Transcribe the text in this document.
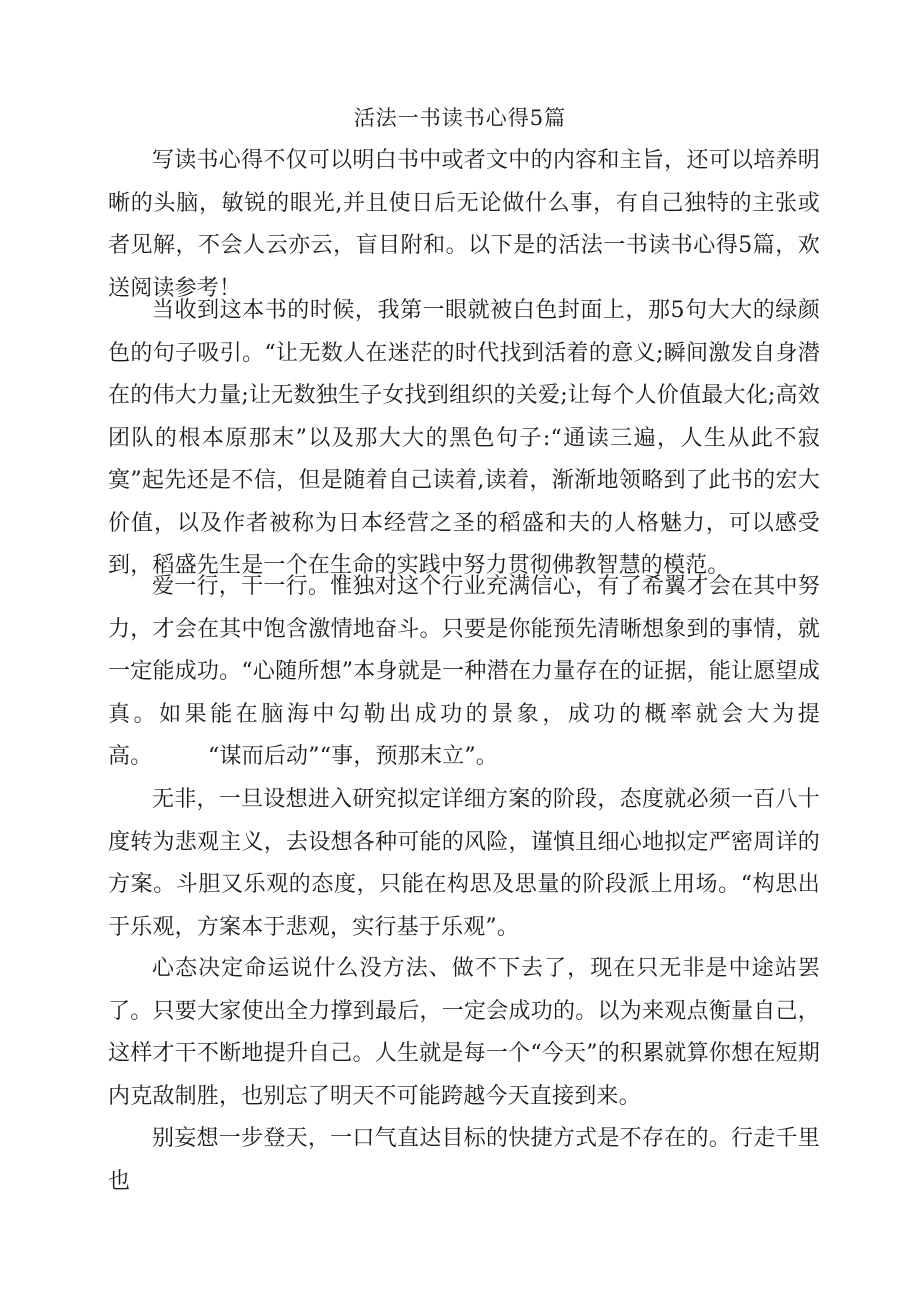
活法一书读书心得5篇

写读书心得不仅可以明白书中或者文中的内容和主旨，还可以培养明晰的头脑，敏锐的眼光,并且使日后无论做什么事，有自己独特的主张或者见解，不会人云亦云，盲目附和。以下是的活法一书读书心得5篇，欢送阅读参考！

当收到这本书的时候，我第一眼就被白色封面上，那5句大大的绿颜色的句子吸引。“让无数人在迷茫的时代找到活着的意义;瞬间激发自身潜在的伟大力量;让无数独生子女找到组织的关爱;让每个人价值最大化;高效团队的根本原那末”以及那大大的黑色句子:“通读三遍，人生从此不寂寞”起先还是不信，但是随着自己读着,读着，渐渐地领略到了此书的宏大价值，以及作者被称为日本经营之圣的稻盛和夫的人格魅力，可以感受到，稻盛先生是一个在生命的实践中努力贯彻佛教智慧的模范。

爱一行，干一行。惟独对这个行业充满信心，有了希翼才会在其中努力，才会在其中饱含激情地奋斗。只要是你能预先清晰想象到的事情，就一定能成功。“心随所想”本身就是一种潜在力量存在的证据，能让愿望成真。如果能在脑海中勾勒出成功的景象，成功的概率就会大为提高。　　　“谋而后动”“事，预那末立”。

无非，一旦设想进入研究拟定详细方案的阶段，态度就必须一百八十度转为悲观主义，去设想各种可能的风险，谨慎且细心地拟定严密周详的方案。斗胆又乐观的态度，只能在构思及思量的阶段派上用场。“构思出于乐观，方案本于悲观，实行基于乐观”。

心态决定命运说什么没方法、做不下去了，现在只无非是中途站罢了。只要大家使出全力撑到最后，一定会成功的。以为来观点衡量自己，这样才干不断地提升自己。人生就是每一个“今天”的积累就算你想在短期内克敌制胜，也别忘了明天不可能跨越今天直接到来。

别妄想一步登天，一口气直达目标的快捷方式是不存在的。行走千里也
